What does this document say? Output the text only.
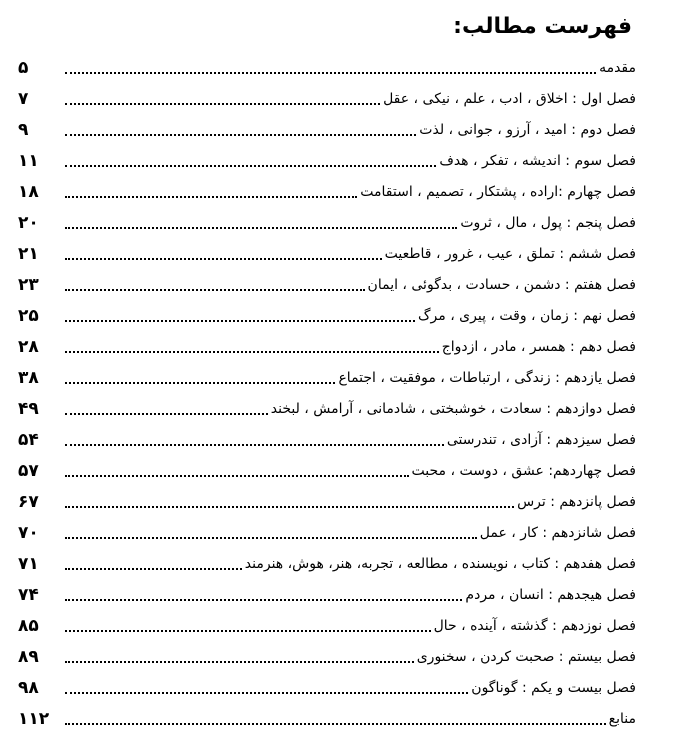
فهرست مطالب:
۵	مقدمه
۷	فصل اول : اخلاق ، ادب ، علم ، نیکی ، عقل
۹	فصل دوم : امید ، آرزو ، جوانی ، لذت
۱۱	فصل سوم : اندیشه ، تفکر ، هدف
۱۸	فصل چهارم :اراده ، پشتکار ، تصمیم ، استقامت
۲۰	فصل پنجم : پول ، مال ، ثروت
۲۱	فصل ششم : تملق ، عیب ، غرور ، قاطعیت
۲۳	فصل هفتم : دشمن ، حسادت ، بدگوئی ، ایمان
۲۵	فصل نهم : زمان ، وقت ، پیری ، مرگ
۲۸	فصل دهم : همسر ، مادر ، ازدواج
۳۸	فصل یازدهم : زندگی ، ارتباطات ، موفقیت ، اجتماع
۴۹	فصل دوازدهم : سعادت ، خوشبختی ، شادمانی ، آرامش ، لبخند
۵۴	فصل سیزدهم : آزادی ، تندرستی
۵۷	فصل چهاردهم: عشق ، دوست ، محبت
۶۷	فصل پانزدهم : ترس
۷۰	فصل شانزدهم : کار ، عمل
۷۱	فصل هفدهم : کتاب ، نویسنده ، مطالعه ، تجربه، هنر، هوش، هنرمند
۷۴	فصل هیجدهم : انسان ، مردم
۸۵	فصل نوزدهم : گذشته ، آینده ، حال
۸۹	فصل بیستم : صحبت کردن ، سخنوری
۹۸	فصل بیست و یکم : گوناگون
۱۱۲	منابع
